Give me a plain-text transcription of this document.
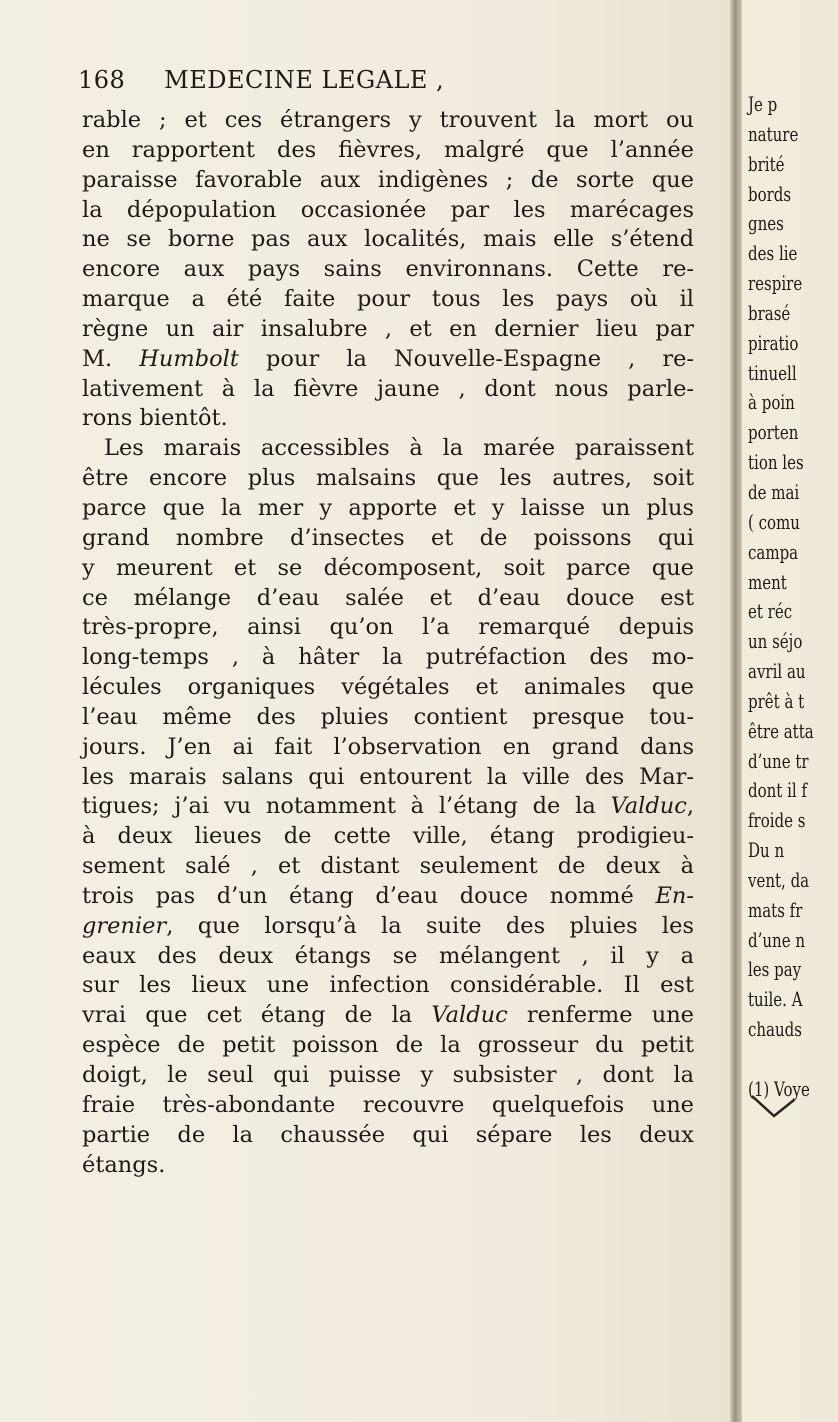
168 MEDECINE LEGALE ,
rable ; et ces étrangers y trouvent la mort ou
en rapportent des fièvres, malgré que l’année
paraisse favorable aux indigènes ; de sorte que
la dépopulation occasionée par les marécages
ne se borne pas aux localités, mais elle s’étend
encore aux pays sains environnans. Cette re-
marque a été faite pour tous les pays où il
règne un air insalubre , et en dernier lieu par
M. Humbolt pour la Nouvelle-Espagne , re-
lativement à la fièvre jaune , dont nous parle-
rons bientôt.
Les marais accessibles à la marée paraissent
être encore plus malsains que les autres, soit
parce que la mer y apporte et y laisse un plus
grand nombre d’insectes et de poissons qui
y meurent et se décomposent, soit parce que
ce mélange d’eau salée et d’eau douce est
très-propre, ainsi qu’on l’a remarqué depuis
long-temps , à hâter la putréfaction des mo-
lécules organiques végétales et animales que
l’eau même des pluies contient presque tou-
jours. J’en ai fait l’observation en grand dans
les marais salans qui entourent la ville des Mar-
tigues; j’ai vu notamment à l’étang de la Valduc,
à deux lieues de cette ville, étang prodigieu-
sement salé , et distant seulement de deux à
trois pas d’un étang d’eau douce nommé En-
grenier, que lorsqu’à la suite des pluies les
eaux des deux étangs se mélangent , il y a
sur les lieux une infection considérable. Il est
vrai que cet étang de la Valduc renferme une
espèce de petit poisson de la grosseur du petit
doigt, le seul qui puisse y subsister , dont la
fraie très-abondante recouvre quelquefois une
partie de la chaussée qui sépare les deux
étangs.
Je p
nature
brité
bords
gnes
des lie
respire
brasé
piratio
tinuell
à poin
porten
tion les
de mai
( comu
campa
ment
et réc
un séjo
avril au
prêt à t
être atta
d’une tr
dont il f
froide s
Du n
vent, da
mats fr
d’une n
les pay
tuile. A
chauds
(1) Voye
